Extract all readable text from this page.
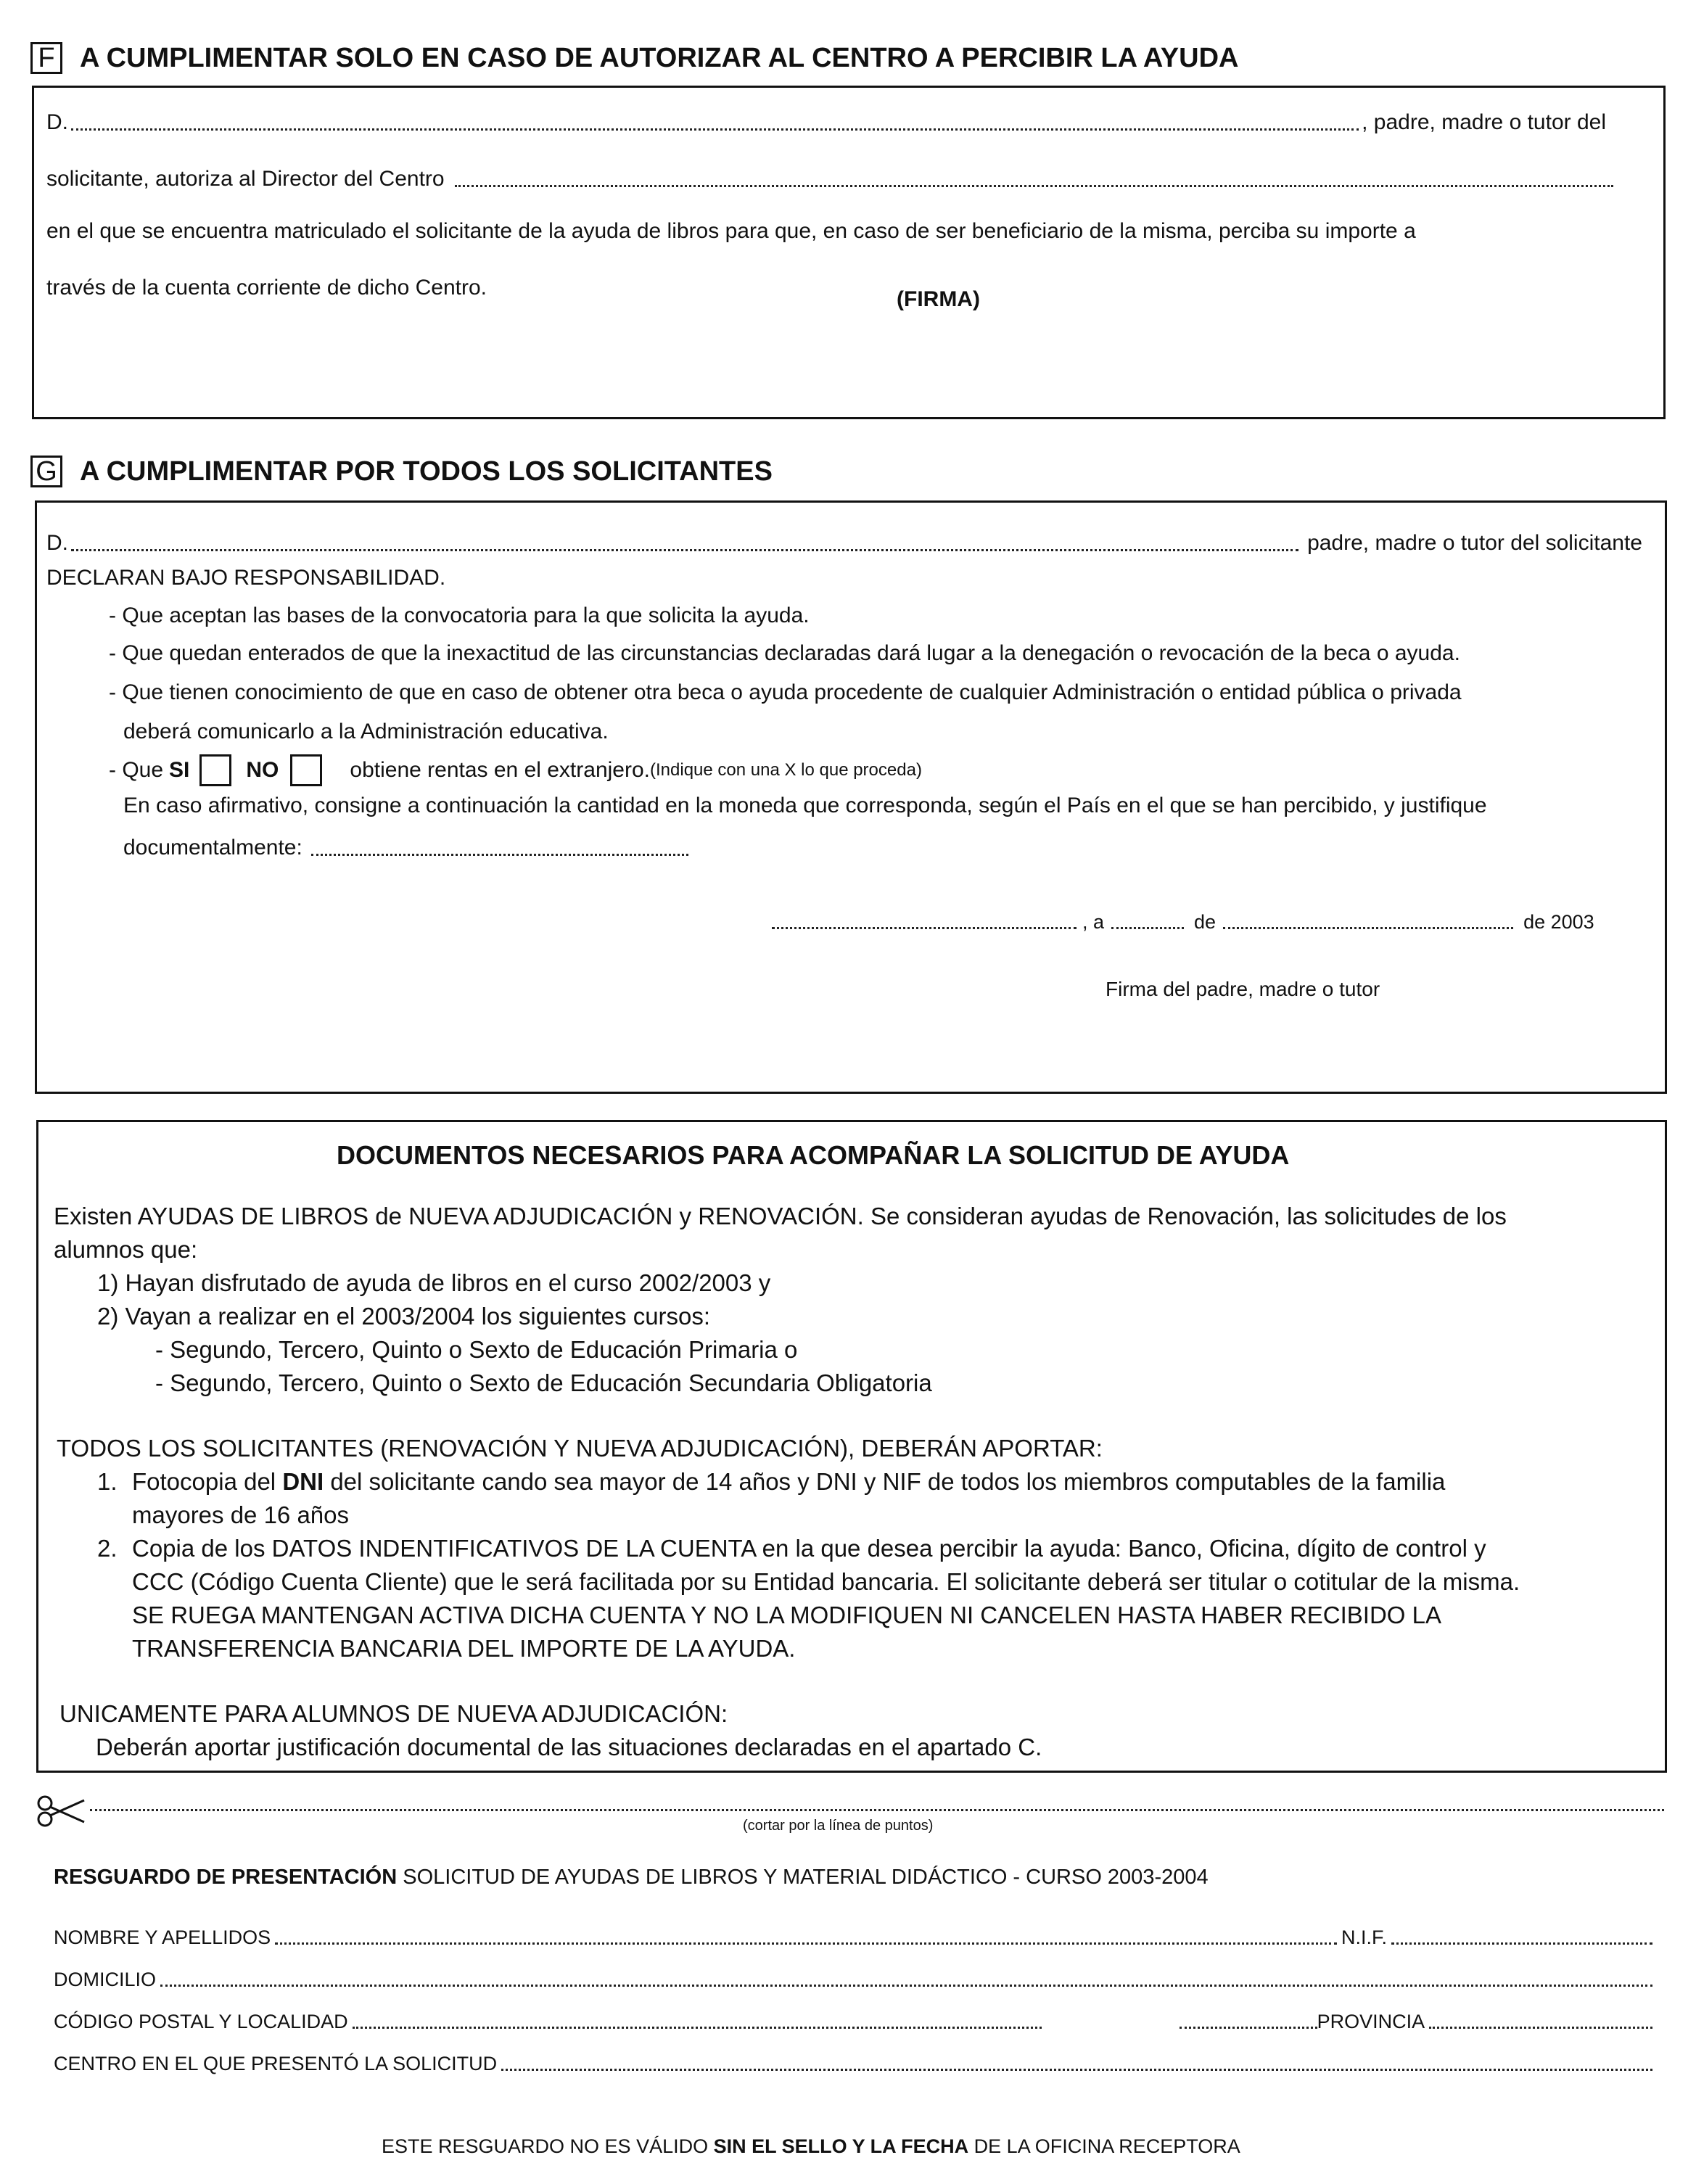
F A CUMPLIMENTAR SOLO EN CASO DE AUTORIZAR AL CENTRO A PERCIBIR LA AYUDA
D.	, padre, madre o tutor del
solicitante, autoriza al Director del Centro
en el que se encuentra matriculado el solicitante de la ayuda de libros para que, en caso de ser beneficiario de la misma, perciba su importe a
través de la cuenta corriente de dicho Centro.	(FIRMA)
G A CUMPLIMENTAR POR TODOS LOS SOLICITANTES
D.	padre, madre o tutor del solicitante
DECLARAN BAJO RESPONSABILIDAD.
- Que aceptan las bases de la convocatoria para la que solicita la ayuda.
- Que quedan enterados de que la inexactitud de las circunstancias declaradas dará lugar a la denegación o revocación de la beca o ayuda.
- Que tienen conocimiento de que en caso de obtener otra beca o ayuda procedente de cualquier Administración o entidad pública o privada
deberá comunicarlo a la Administración educativa.
- Que SI	NO	obtiene rentas en el extranjero. (Indique con una X lo que proceda)
En caso afirmativo, consigne a continuación la cantidad en la moneda que corresponda, según el País en el que se han percibido, y justifique
documentalmente:
, a	de	de 2003
Firma del padre, madre o tutor
DOCUMENTOS NECESARIOS PARA ACOMPAÑAR LA SOLICITUD DE AYUDA
Existen AYUDAS DE LIBROS de NUEVA ADJUDICACIÓN y RENOVACIÓN. Se consideran ayudas de Renovación, las solicitudes de los
alumnos que:
1) Hayan disfrutado de ayuda de libros en el curso 2002/2003 y
2) Vayan a realizar en el 2003/2004 los siguientes cursos:
- Segundo, Tercero, Quinto o Sexto de Educación Primaria o
- Segundo, Tercero, Quinto o Sexto de Educación Secundaria Obligatoria
TODOS LOS SOLICITANTES (RENOVACIÓN Y NUEVA ADJUDICACIÓN), DEBERÁN APORTAR:
1. Fotocopia del DNI del solicitante cando sea mayor de 14 años y DNI y NIF de todos los miembros computables de la familia
mayores de 16 años
2. Copia de los DATOS INDENTIFICATIVOS DE LA CUENTA en la que desea percibir la ayuda: Banco, Oficina, dígito de control y
CCC (Código Cuenta Cliente) que le será facilitada por su Entidad bancaria. El solicitante deberá ser titular o cotitular de la misma.
SE RUEGA MANTENGAN ACTIVA DICHA CUENTA Y NO LA MODIFIQUEN NI CANCELEN HASTA HABER RECIBIDO LA
TRANSFERENCIA BANCARIA DEL IMPORTE DE LA AYUDA.
UNICAMENTE PARA ALUMNOS DE NUEVA ADJUDICACIÓN:
Deberán aportar justificación documental de las situaciones declaradas en el apartado C.
(cortar por la línea de puntos)
RESGUARDO DE PRESENTACIÓN SOLICITUD DE AYUDAS DE LIBROS Y MATERIAL DIDÁCTICO - CURSO 2003-2004
NOMBRE Y APELLIDOS	N.I.F.
DOMICILIO
CÓDIGO POSTAL Y LOCALIDAD	PROVINCIA
CENTRO EN EL QUE PRESENTÓ LA SOLICITUD
ESTE RESGUARDO NO ES VÁLIDO SIN EL SELLO Y LA FECHA DE LA OFICINA RECEPTORA
